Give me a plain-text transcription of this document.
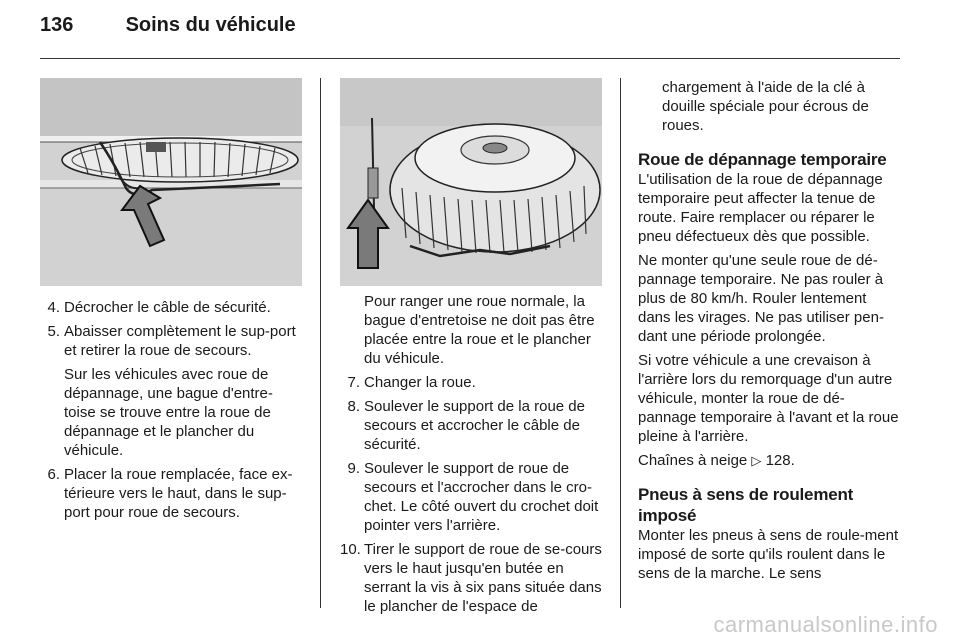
136	Soins du véhicule
4. Décrocher le câble de sécurité.
5. Abaisser complètement le sup-port et retirer la roue de secours.

Sur les véhicules avec roue de dépannage, une bague d'entre-toise se trouve entre la roue de dépannage et le plancher du véhicule.

6. Placer la roue remplacée, face ex-térieure vers le haut, dans le sup-port pour roue de secours.

Pour ranger une roue normale, la bague d'entretoise ne doit pas être placée entre la roue et le plancher du véhicule.

7. Changer la roue.
8. Soulever le support de la roue de secours et accrocher le câble de sécurité.
9. Soulever le support de roue de secours et l'accrocher dans le cro-chet. Le côté ouvert du crochet doit pointer vers l'arrière.
10. Tirer le support de roue de se-cours vers le haut jusqu'en butée en serrant la vis à six pans située dans le plancher de l'espace de

chargement à l'aide de la clé à douille spéciale pour écrous de roues.

Roue de dépannage temporaire

L'utilisation de la roue de dépannage temporaire peut affecter la tenue de route. Faire remplacer ou réparer le pneu défectueux dès que possible.

Ne monter qu'une seule roue de dé-pannage temporaire. Ne pas rouler à plus de 80 km/h. Rouler lentement dans les virages. Ne pas utiliser pen-dant une période prolongée.

Si votre véhicule a une crevaison à l'arrière lors du remorquage d'un autre véhicule, monter la roue de dé-pannage temporaire à l'avant et la roue pleine à l'arrière.

Chaînes à neige ▷ 128.

Pneus à sens de roulement imposé

Monter les pneus à sens de roule-ment imposé de sorte qu'ils roulent dans le sens de la marche. Le sens

carmanualsonline.info
